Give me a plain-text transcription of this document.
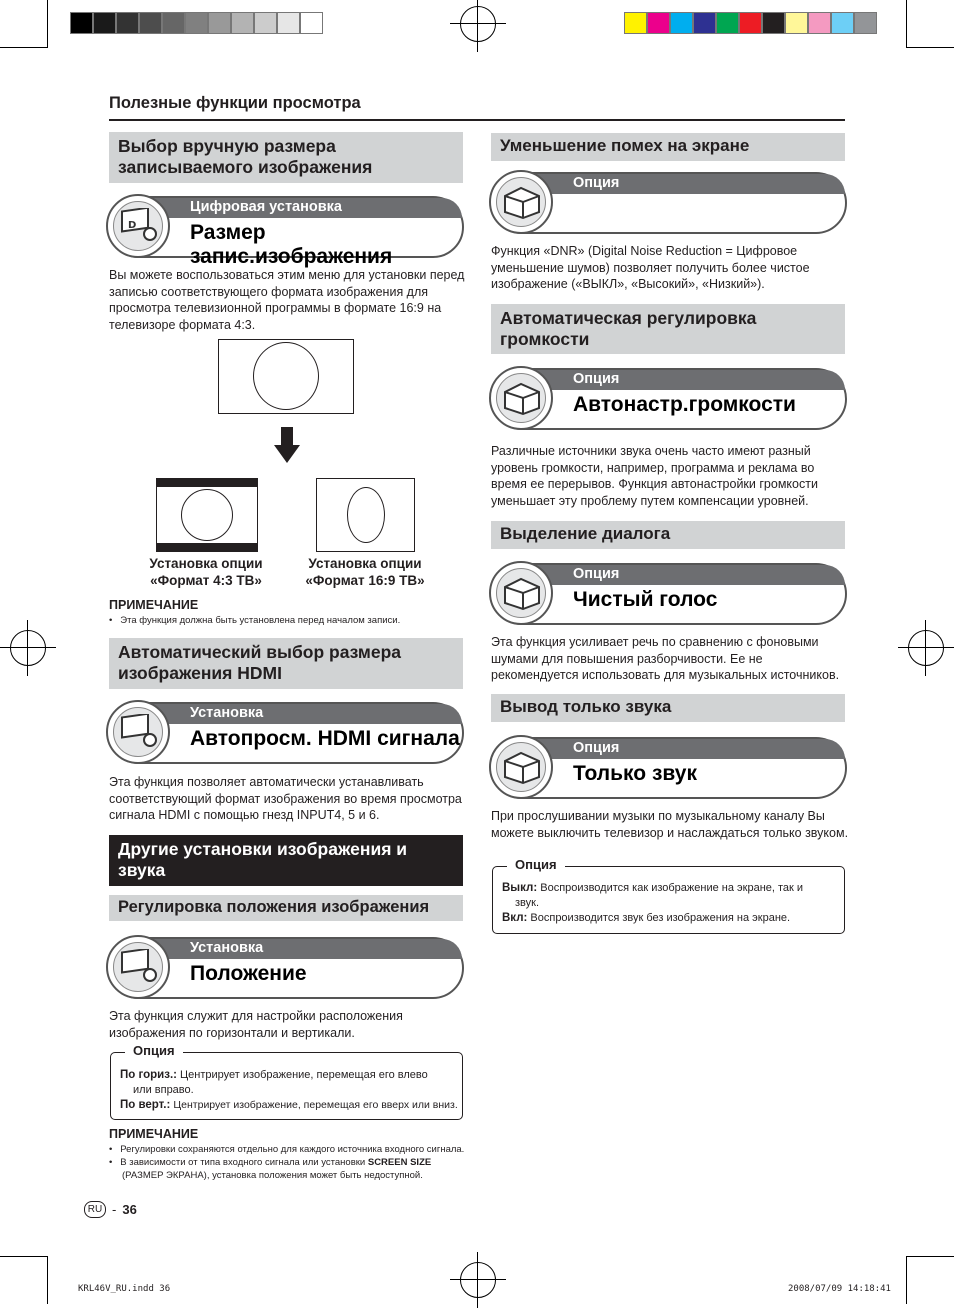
Полезные функции просмотра
Выбор вручную размера записываемого изображения
Цифровая установка
Размер запис.изображения
D
Вы можете воспользоваться этим меню для установки перед записью соответствующего формата изображения для просмотра телевизионной программы в формате 16:9 на телевизоре формата 4:3.
Установка опции «Формат 4:3 ТВ»
Установка опции «Формат 16:9 ТВ»
ПРИМЕЧАНИЕ
•   Эта функция должна быть установлена перед началом записи.
Автоматический выбор размера изображения HDMI
Установка
Автопросм. HDMI сигнала
Эта функция позволяет автоматически устанавливать соответствующий формат изображения во время просмотра сигнала HDMI с помощью гнезд INPUT4, 5 и 6.
Другие установки изображения и звука
Регулировка положения изображения
Установка
Положение
Эта функция служит для настройки расположения изображения по горизонтали и вертикали.
Опция
По гориз.: Центрирует изображение, перемещая его влево
или вправо.
По верт.: Центрирует изображение, перемещая его вверх или вниз.
ПРИМЕЧАНИЕ
•   Регулировки сохраняются отдельно для каждого источника входного сигнала.
•   В зависимости от типа входного сигнала или установки SCREEN SIZE
(РАЗМЕР ЭКРАНА), установка положения может быть недоступной.
RU - 36
Уменьшение помех на экране
Опция
Функция «DNR» (Digital Noise Reduction = Цифровое уменьшение шумов) позволяет получить более чистое изображение («ВЫКЛ», «Высокий», «Низкий»).
Автоматическая регулировка громкости
Опция
Автонастр.громкости
Различные источники звука очень часто имеют разный уровень громкости, например, программа и реклама во время ее перерывов. Функция автонастройки громкости уменьшает эту проблему путем компенсации уровней.
Выделение диалога
Опция
Чистый голос
Эта функция усиливает речь по сравнению с фоновыми шумами для повышения разборчивости. Ее не рекомендуется использовать для музыкальных источников.
Вывод только звука
Опция
Только звук
При прослушивании музыки по музыкальному каналу Вы можете выключить телевизор и наслаждаться только звуком.
Опция
Выкл: Воспроизводится как изображение на экране, так и
звук.
Вкл: Воспроизводится звук без изображения на экране.
KRL46V_RU.indd 36	2008/07/09 14:18:41
